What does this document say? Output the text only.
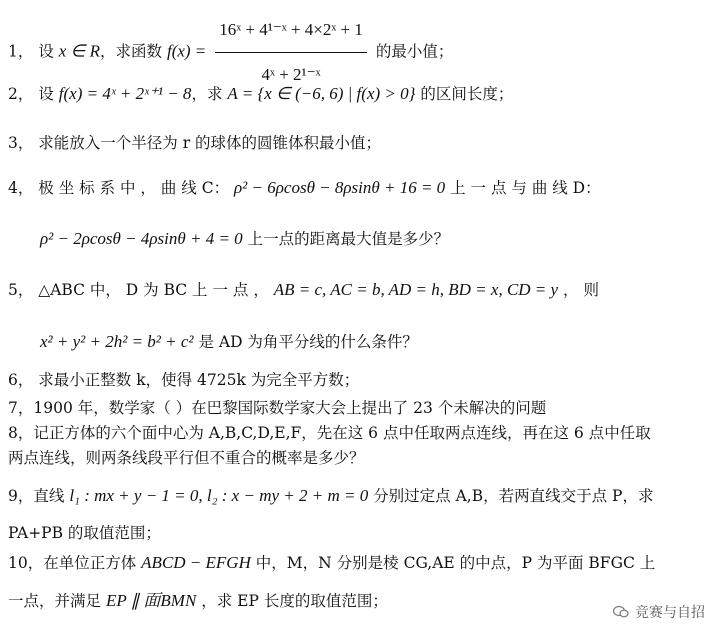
1， 设 x ∈ R，求函数 $f(x) = \frac{\text{16ˣ + 4¹⁻ˣ + 4×2ˣ + 1}}{\text{4ˣ + 2¹⁻ˣ}}$ 的最小值；
2， 设 f(x) = 4ˣ + 2ˣ⁺¹ − 8，求 A = {x ∈ (−6, 6) | f(x) > 0} 的区间长度；
3， 求能放入一个半径为 r 的球体的圆锥体积最小值；
4， 极 坐 标 系 中 ， 曲 线 C： ρ² − 6ρcosθ − 8ρsinθ + 16 = 0 上 一 点 与 曲 线 D：
ρ² − 2ρcosθ − 4ρsinθ + 4 = 0 上一点的距离最大值是多少？
5， △ABC 中， D 为 BC 上 一 点 ， AB = c, AC = b, AD = h, BD = x, CD = y ， 则
x² + y² + 2h² = b² + c² 是 AD 为角平分线的什么条件？
6， 求最小正整数 k，使得 4725k 为完全平方数；
7，1900 年，数学家（ ）在巴黎国际数学家大会上提出了 23 个未解决的问题
8，记正方体的六个面中心为 A,B,C,D,E,F，先在这 6 点中任取两点连线，再在这 6 点中任取
两点连线，则两条线段平行但不重合的概率是多少？
9，直线 l₁ : mx + y − 1 = 0, l₂ : x − my + 2 + m = 0 分别过定点 A,B，若两直线交于点 P，求
PA+PB 的取值范围；
10，在单位正方体 ABCD − EFGH 中，M，N 分别是棱 CG,AE 的中点，P 为平面 BFGC 上
一点，并满足 EP ∥ 面BMN ，求 EP 长度的取值范围；
竞赛与自招
